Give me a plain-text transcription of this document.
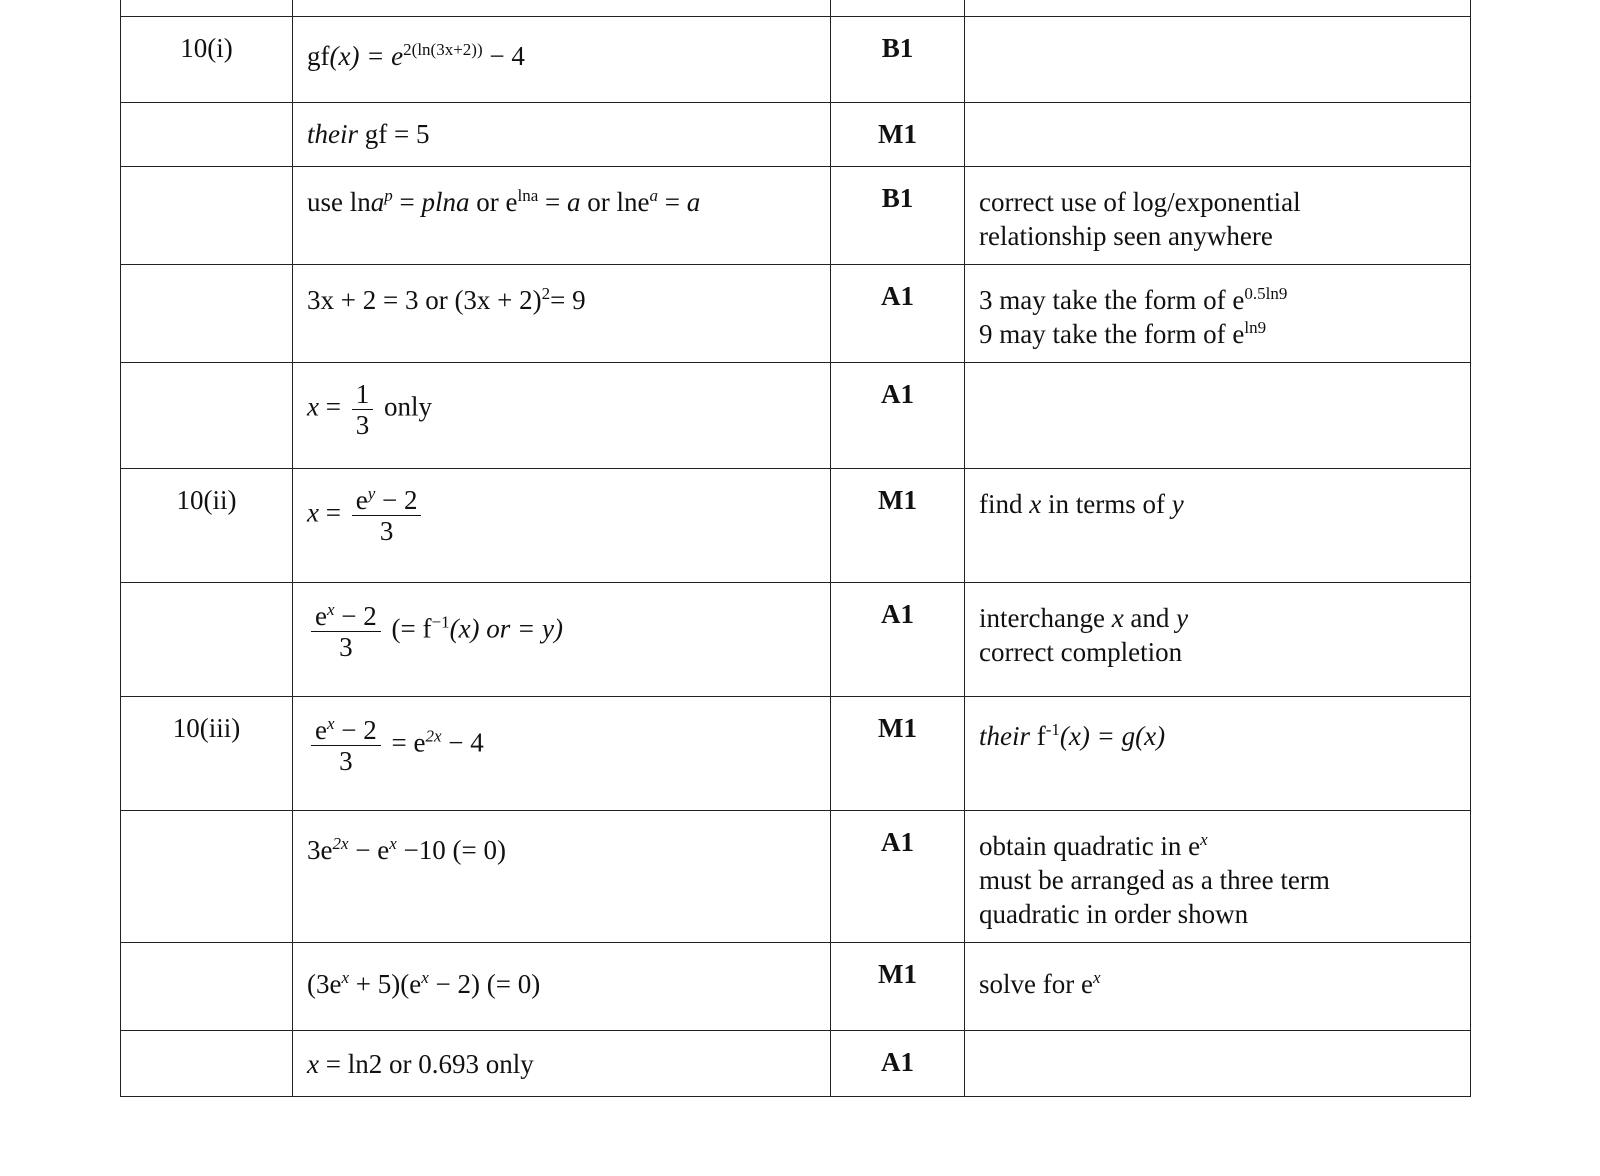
10(i)	$gf(x) = e^{2(ln(3x+2))} - 4$	B1	
	their gf = 5	M1	
	use lna$^p$ = plna or $e^{lna} = a$ or lne$^a$ = a	B1	correct use of log/exponential
relationship seen anywhere

	3x + 2 = 3 or $(3x + 2)^2= 9$	A1	3 may take the form of $e^{0.5ln9}$
9 may take the form of $e^{ln9}$

	$x = \frac{1}{3}$ only	A1	
10(ii)	$x = \frac{e^y - 2}{3}$	M1	find x in terms of y

	$\frac{e^x - 2}{3}$ (= $f^{-1}(x)$ or = y)	A1	interchange x and y
correct completion

10(iii)	$\frac{e^x - 2}{3} = e^{2x} - 4$	M1	their $f^{-1}(x) = g(x)$
	$3e^{2x} - e^x -10$ (= 0)	A1	obtain quadratic in $e^x$
must be arranged as a three term
quadratic in order shown

	$(3e^x + 5)(e^x - 2)$ (= 0)	M1	solve for $e^x$
	x = ln2 or 0.693 only	A1	
